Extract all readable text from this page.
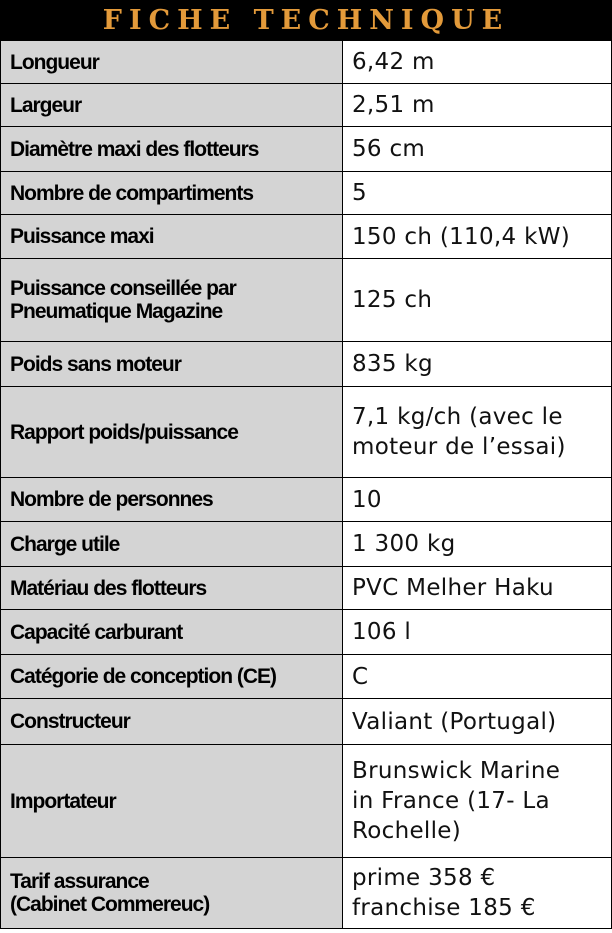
FICHE TECHNIQUE
Longueur	6,42 m

Largeur	2,51 m

Diamètre maxi des flotteurs	56 cm

Nombre de compartiments	5

Puissance maxi	150 ch (110,4 kW)

Puissance conseillée par
Pneumatique Magazine	125 ch

Poids sans moteur	835 kg

Rapport poids/puissance	7,1 kg/ch (avec le
moteur de l’essai)

Nombre de personnes	10

Charge utile	1 300 kg

Matériau des flotteurs	PVC Melher Haku

Capacité carburant	106 l

Catégorie de conception (CE)	C

Constructeur	Valiant (Portugal)

Importateur	Brunswick Marine
in France (17- La
Rochelle)

Tarif assurance
(Cabinet Commereuc)	prime 358 €
franchise 185 €
